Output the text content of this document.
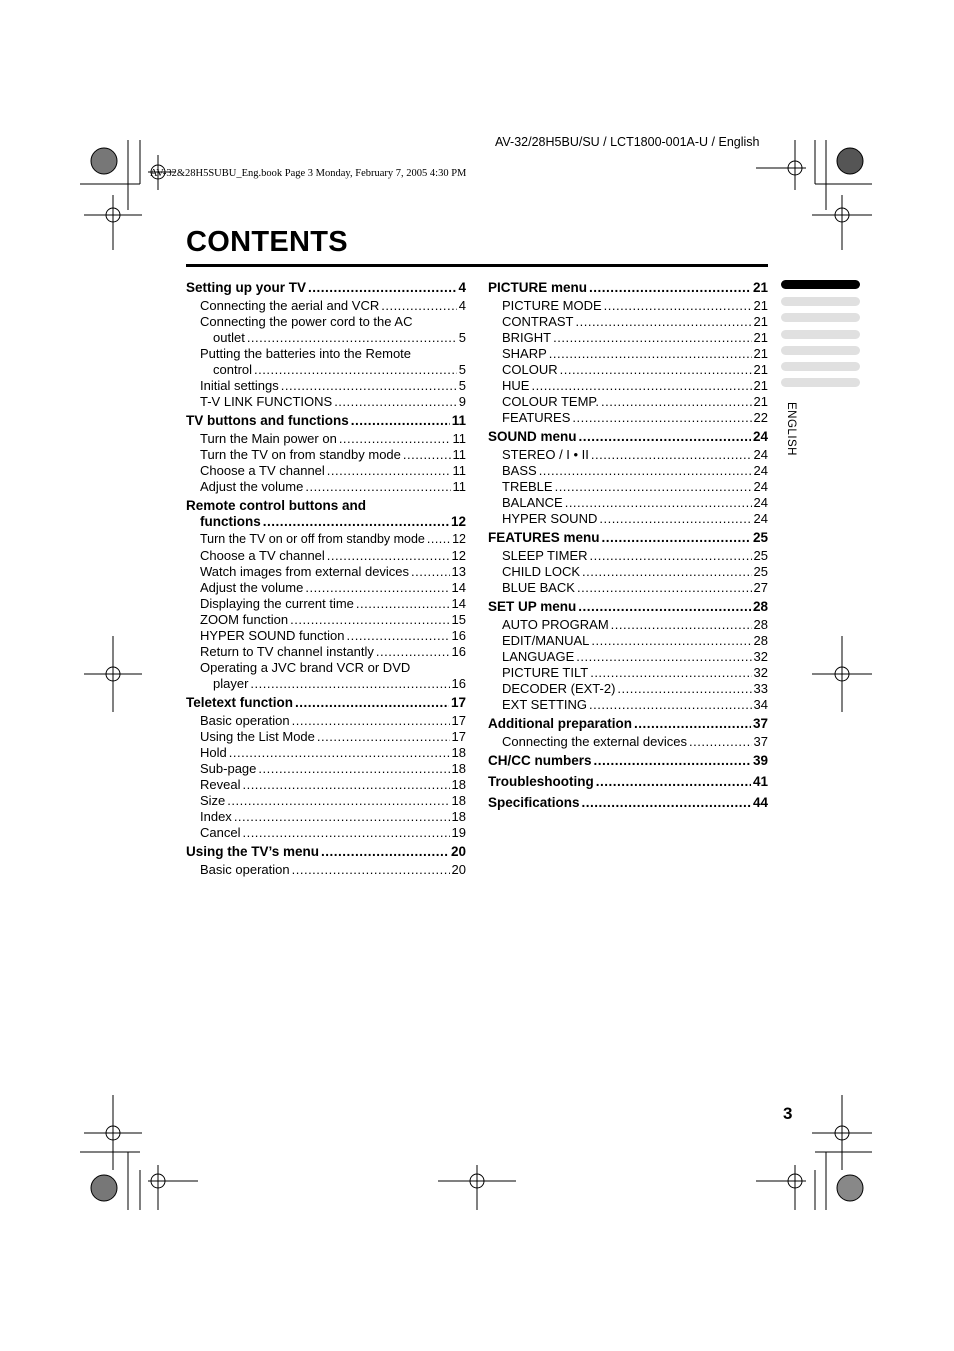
AV-32/28H5BU/SU / LCT1800-001A-U / English
AV-32&28H5SUBU_Eng.book Page 3 Monday, February 7, 2005 4:30 PM
CONTENTS
Setting up your TV .....	4
Connecting the aerial and VCR .....	4
Connecting the power cord to the AC
outlet .....	5
Putting the batteries into the Remote
control .....	5
Initial settings .....	5
T-V LINK FUNCTIONS .....	9
TV buttons and functions .....	11
Turn the Main power on .....	11
Turn the TV on from standby mode .....	11
Choose a TV channel .....	11
Adjust the volume .....	11
Remote control buttons and
functions .....	12
Turn the TV on or off from standby mode ..... 12
Choose a TV channel .....	12
Watch images from external devices .....	13
Adjust the volume .....	14
Displaying the current time .....	14
ZOOM function .....	15
HYPER SOUND function .....	16
Return to TV channel instantly .....	16
Operating a JVC brand VCR or DVD
player .....	16
Teletext function .....	17
Basic operation .....	17
Using the List Mode .....	17
Hold .....	18
Sub-page .....	18
Reveal .....	18
Size .....	18
Index .....	18
Cancel .....	19
Using the TV’s menu .....	20
Basic operation .....	20
PICTURE menu .....	21
PICTURE MODE .....	21
CONTRAST .....	21
BRIGHT .....	21
SHARP .....	21
COLOUR .....	21
HUE .....	21
COLOUR TEMP. .....	21
FEATURES .....	22
SOUND menu .....	24
STEREO / I • II .....	24
BASS .....	24
TREBLE .....	24
BALANCE .....	24
HYPER SOUND .....	24
FEATURES menu .....	25
SLEEP TIMER .....	25
CHILD LOCK .....	25
BLUE BACK .....	27
SET UP menu .....	28
AUTO PROGRAM .....	28
EDIT/MANUAL .....	28
LANGUAGE .....	32
PICTURE TILT .....	32
DECODER (EXT-2) .....	33
EXT SETTING .....	34
Additional preparation .....	37
Connecting the external devices .....	37
CH/CC numbers .....	39
Troubleshooting .....	41
Specifications .....	44
ENGLISH
3
